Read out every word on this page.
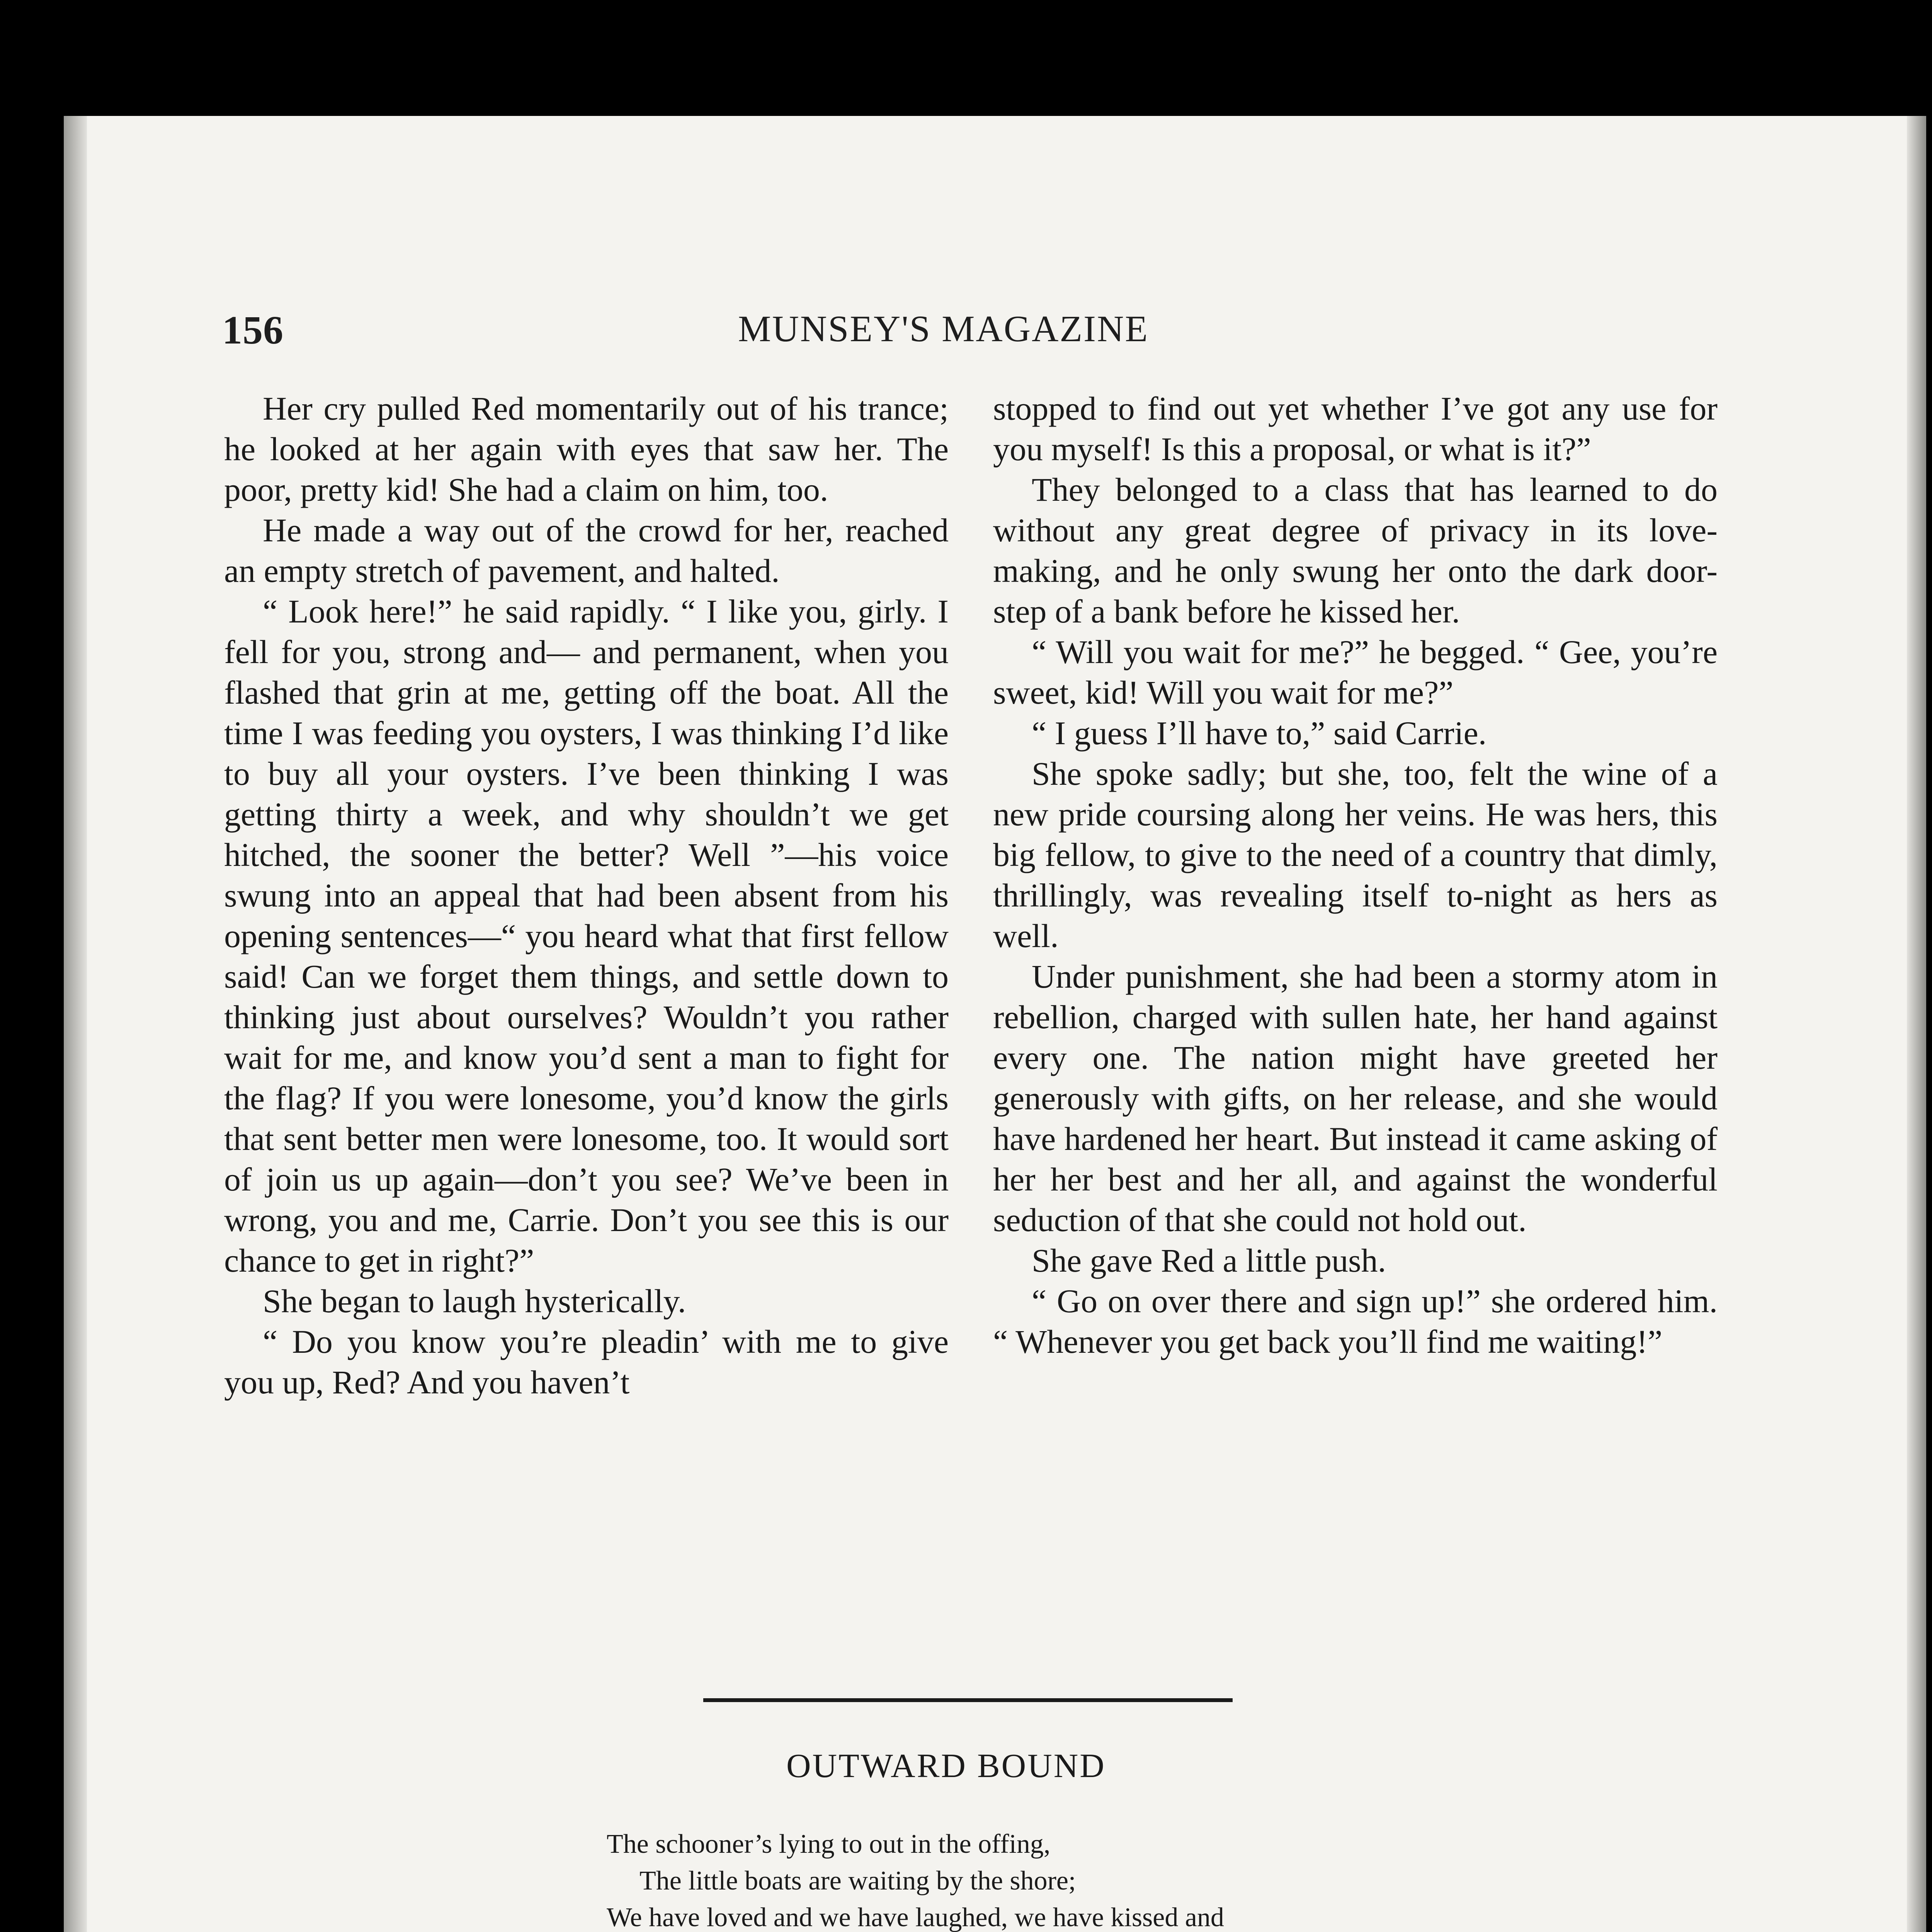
156	MUNSEY'S MAGAZINE

Her cry pulled Red momentarily out of his trance; he looked at her again with eyes that saw her. The poor, pretty kid! She had a claim on him, too.

He made a way out of the crowd for her, reached an empty stretch of pavement, and halted.

“ Look here!” he said rapidly. “ I like you, girly. I fell for you, strong and— and permanent, when you flashed that grin at me, getting off the boat. All the time I was feeding you oysters, I was thinking I’d like to buy all your oysters. I’ve been thinking I was getting thirty a week, and why shouldn’t we get hitched, the sooner the better? Well ”—his voice swung into an appeal that had been absent from his opening sentences—“ you heard what that first fellow said! Can we forget them things, and settle down to thinking just about ourselves? Wouldn’t you rather wait for me, and know you’d sent a man to fight for the flag? If you were lonesome, you’d know the girls that sent better men were lonesome, too. It would sort of join us up again—don’t you see? We’ve been in wrong, you and me, Carrie. Don’t you see this is our chance to get in right?”

She began to laugh hysterically.

“ Do you know you’re pleadin’ with me to give you up, Red? And you haven’t

stopped to find out yet whether I’ve got any use for you myself! Is this a proposal, or what is it?”

They belonged to a class that has learned to do without any great degree of privacy in its love-making, and he only swung her onto the dark door-step of a bank before he kissed her.

“ Will you wait for me?” he begged. “ Gee, you’re sweet, kid! Will you wait for me?”

“ I guess I’ll have to,” said Carrie.

She spoke sadly; but she, too, felt the wine of a new pride coursing along her veins. He was hers, this big fellow, to give to the need of a country that dimly, thrillingly, was revealing itself to-night as hers as well.

Under punishment, she had been a stormy atom in rebellion, charged with sullen hate, her hand against every one. The nation might have greeted her generously with gifts, on her release, and she would have hardened her heart. But instead it came asking of her her best and her all, and against the wonderful seduction of that she could not hold out.

She gave Red a little push.

“ Go on over there and sign up!” she ordered him. “ Whenever you get back you’ll find me waiting!”

OUTWARD BOUND
The schooner’s lying to out in the offing,
The little boats are waiting by the shore;
We have loved and we have laughed, we have kissed and
